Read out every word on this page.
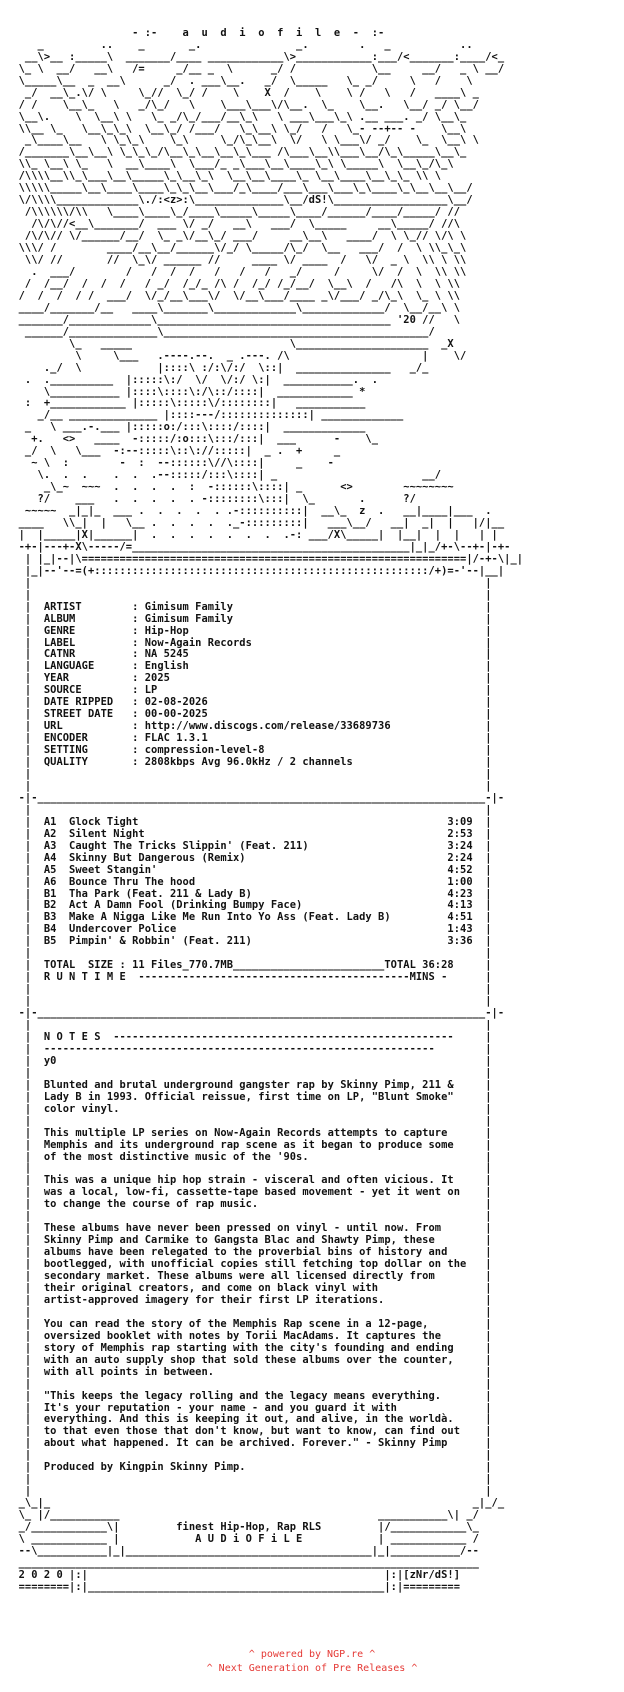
- :-    a  u  d  i  o  f  i  l  e  -  :-
_         ..    _       _.               _.        .   _           ..
__\>__ :_____\  _______/____ ____________\>____________:___/<_______:____/<_
\_ \  __/   __\   /=     _/__ _  \      _/ /            \__     __/   _ \ __/
\_____\__  _  __\      _/  . ___\__.   _/  \_____   \_ _/     \   /    \
_/  __\_.\/ \     \_//  \_/ /    \    X  /    \    \ /   \   /   ____\ _
/ /    \__\_   \   _/\_/   \    \___\___\/\__.  \_    \__.   \__/ _/ \__/
\__\.    \  \__\ \   \_ _/\_/___/__\_\   \ ___\___\_\ .__ ___. _/ \__\_
\\__ \_   \__\_\_\  \__\_/ /___/   \_\__\ \_/   /   \_- --+-- -    \__\
_\____\__   \ \_\_\    \_\     \_/\_\__\  \/   \ \___\/ _/    \_  \__\ \
/_______\__\__\ \_\_\_/\__\_\__\__\_\___ /\___\__\\___\__/\_\_____\__\_
\\_ \__\ \_   \  __\____\  \___/_ _\___\__\____\_\ \_____\  \__\_/\_\
/\\\\__\\_\___\__\_____\_\__\_\  \__\__\____\_ \__\____\__\_\_ \\ \
\\\\\_____\__\____\____\_\_\__\___/_\____/___\___\___\_\____\_\__\__\__/
\/\\\\_____________\./:<z>:\______________\__/dS!\__________________\__/
/\\\\\\/\\   \____\____\_/____\_____\_____\____/______/____/_____/ //
/\/\//<__\_______/  ___ \/ _/   __\   ___/  \_____     __\_____/ //\
/\/\// \/______/__/  \_ _\/__\_/ ___/     __\__\   ____/  \ \_// \/\ \
\\\/ /        ____/__\__/______\/_/ \_____/\_/  \__   ___/  /  \ \\_\_\
\\/ //       //  \_\/ ______ //     ____ \/ ____  /   \/  _ \  \\ \ \\
.  ___/        /   /  /  /   /   /   /   _/     /     \/  /  \  \\ \\
/  /__/  /  /  /   / _/  /_/_ /\ /  /_/ /_/__/  \__\  /   /\  \  \ \\
/  /  /  / /  ___/  \/_/__\___\/  \/__\___/____ _\/___/ _/\_\  \_ \ \\
____/_______/__   ____\_______\_____________\_____________/  \__/__\ \
_______/_____________\_____________________________________ '20 //   \
______/______________\__________________________________________/
\_   _____                         \_____________________  _X
\     \___   .----.--.  _ .---. /\                     |    \/
._/  \            |::::\ :/:\/:/  \::|  _______________   _/_
.  .__________  |:::::\:/  \/  \/:/ \:|  ___________.  .
\___________ |::::\::::\:/\::/::::|  ____________ *
:  +____________ |:::::\:::::\/::::::::|   ___________
_/__ ______________ |::::---/::::::::::::::| _____________
_   \ ___.-.___ |:::::o:/:::\::::/::::|  _____________
+.   <>   ____  -:::::/:o:::\:::/:::|  ___      -    \_
_/  \   \___  -:--:::::\::\://:::::|  _ .  +     _
~ \  :        -  :  --::::::\//\::::|     _    -
\.  .  .    .  .  .--:::::/:::\::::| _                       __/
_\_~  ~~~  .  .  .  .  :  -::::::\::::| _      <>        ~~~~~~~~
?/    ___   .  .  .  .  . -::::::::\:::|  \_       .      ?/
~~~~~  _|_|_  ___ .  .  .  .  . .-::::::::::|  __\_  z  .   __|____|___  .
____   \\_|  |   \__ .  .  .  .  ._-:::::::::|   ___\__/   __|  _|  |   |/|__
|  |_____|X|______|  .  .  .  .  .  .  .  .-: ___/X\_____|  |__|  |  |   | |
-+-|---+-X\-----/=____________________________________________|_|_/+-\--+-|-+-
| |_|--|\=============================================================|/-+-\|_|
|_|--'--=(+:::::::::::::::::::::::::::::::::::::::::::::::::::::/+)=-'--|__|
|                                                                        |
|                                                                        |
|  ARTIST        : Gimisum Family                                        |
|  ALBUM         : Gimisum Family                                        |
|  GENRE         : Hip-Hop                                               |
|  LABEL         : Now-Again Records                                     |
|  CATNR         : NA 5245                                               |
|  LANGUAGE      : English                                               |
|  YEAR          : 2025                                                  |
|  SOURCE        : LP                                                    |
|  DATE RIPPED   : 02-08-2026                                            |
|  STREET DATE   : 00-00-2025                                            |
|  URL           : http://www.discogs.com/release/33689736               |
|  ENCODER       : FLAC 1.3.1                                            |
|  SETTING       : compression-level-8                                   |
|  QUALITY       : 2808kbps Avg 96.0kHz / 2 channels                     |
|                                                                        |
|                                                                        |
-|-_______________________________________________________________________-|-
|                                                                        |
|  A1  Glock Tight                                                 3:09  |
|  A2  Silent Night                                                2:53  |
|  A3  Caught The Tricks Slippin' (Feat. 211)                      3:24  |
|  A4  Skinny But Dangerous (Remix)                                2:24  |
|  A5  Sweet Stangin'                                              4:52  |
|  A6  Bounce Thru The hood                                        1:00  |
|  B1  Tha Park (Feat. 211 & Lady B)                               4:23  |
|  B2  Act A Damn Fool (Drinking Bumpy Face)                       4:13  |
|  B3  Make A Nigga Like Me Run Into Yo Ass (Feat. Lady B)         4:51  |
|  B4  Undercover Police                                           1:43  |
|  B5  Pimpin' & Robbin' (Feat. 211)                               3:36  |
|                                                                        |
|  TOTAL  SIZE : 11 Files_770.7MB________________________TOTAL 36:28     |
|  R U N T I M E  -------------------------------------------MINS -      |
|                                                                        |
|                                                                        |
-|-_______________________________________________________________________-|-
|                                                                        |
|  N O T E S  ------------------------------------------------------     |
|  --------------------------------------------------------------        |
|  y0                                                                    |
|                                                                        |
|  Blunted and brutal underground gangster rap by Skinny Pimp, 211 &     |
|  Lady B in 1993. Official reissue, first time on LP, "Blunt Smoke"     |
|  color vinyl.                                                          |
|                                                                        |
|  This multiple LP series on Now-Again Records attempts to capture      |
|  Memphis and its underground rap scene as it began to produce some     |
|  of the most distinctive music of the '90s.                            |
|                                                                        |
|  This was a unique hip hop strain - visceral and often vicious. It     |
|  was a local, low-fi, cassette-tape based movement - yet it went on    |
|  to change the course of rap music.                                    |
|                                                                        |
|  These albums have never been pressed on vinyl - until now. From       |
|  Skinny Pimp and Carmike to Gangsta Blac and Shawty Pimp, these        |
|  albums have been relegated to the proverbial bins of history and      |
|  bootlegged, with unofficial copies still fetching top dollar on the   |
|  secondary market. These albums were all licensed directly from        |
|  their original creators, and come on black vinyl with                 |
|  artist-approved imagery for their first LP iterations.                |
|                                                                        |
|  You can read the story of the Memphis Rap scene in a 12-page,         |
|  oversized booklet with notes by Torii MacAdams. It captures the       |
|  story of Memphis rap starting with the city's founding and ending     |
|  with an auto supply shop that sold these albums over the counter,     |
|  with all points in between.                                           |
|                                                                        |
|  "This keeps the legacy rolling and the legacy means everything.       |
|  It's your reputation - your name - and you guard it with              |
|  everything. And this is keeping it out, and alive, in the worldà.     |
|  to that even those that don't know, but want to know, can find out    |
|  about what happened. It can be archived. Forever." - Skinny Pimp      |
|                                                                        |
|  Produced by Kingpin Skinny Pimp.                                      |
|                                                                        |
|                                                                        |
_\_|_                                                                   _|_/_
\_ |/___________                                         ___________\| _/
_/____________\|         finest Hip-Hop, Rap RLS         |/____________\_
\ ____________ |            A U D i O F i L E            | ____________ /
--\___________|_|_______________________________________|_|___________/--
_________________________________________________________________________
2 0 2 0 |:|                                               |:|[zNr/dS!]
========|:|_______________________________________________|:|=========

^ powered by NGP.re ^
^ Next Generation of Pre Releases ^
